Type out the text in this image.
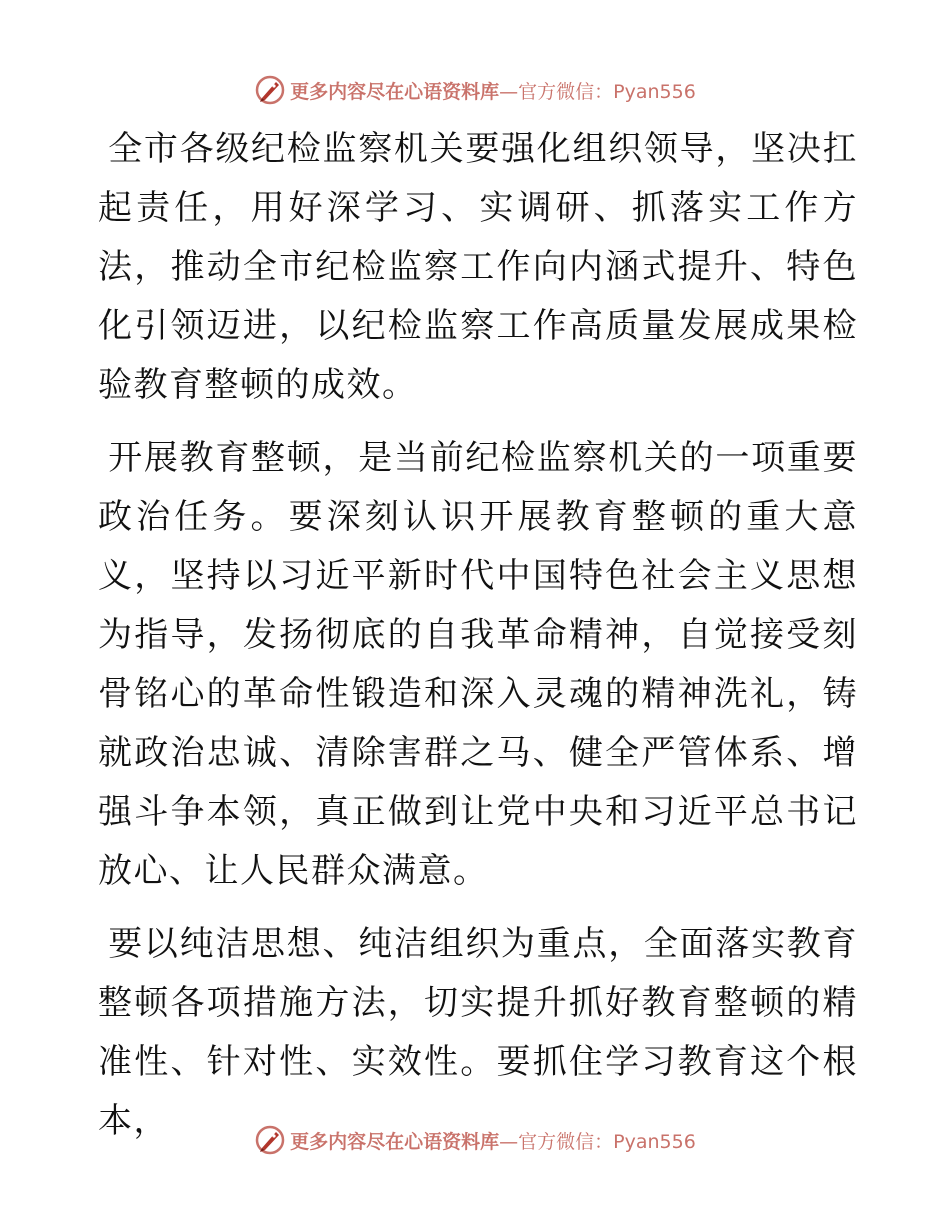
更多内容尽在心语资料库 —官方微信：Pyan556

全市各级纪检监察机关要强化组织领导，坚决扛起责任，用好深学习、实调研、抓落实工作方法，推动全市纪检监察工作向内涵式提升、特色化引领迈进，以纪检监察工作高质量发展成果检验教育整顿的成效。

开展教育整顿，是当前纪检监察机关的一项重要政治任务。要深刻认识开展教育整顿的重大意义，坚持以习近平新时代中国特色社会主义思想为指导，发扬彻底的自我革命精神，自觉接受刻骨铭心的革命性锻造和深入灵魂的精神洗礼，铸就政治忠诚、清除害群之马、健全严管体系、增强斗争本领，真正做到让党中央和习近平总书记放心、让人民群众满意。

要以纯洁思想、纯洁组织为重点，全面落实教育整顿各项措施方法，切实提升抓好教育整顿的精准性、针对性、实效性。要抓住学习教育这个根本，

更多内容尽在心语资料库 —官方微信：Pyan556
